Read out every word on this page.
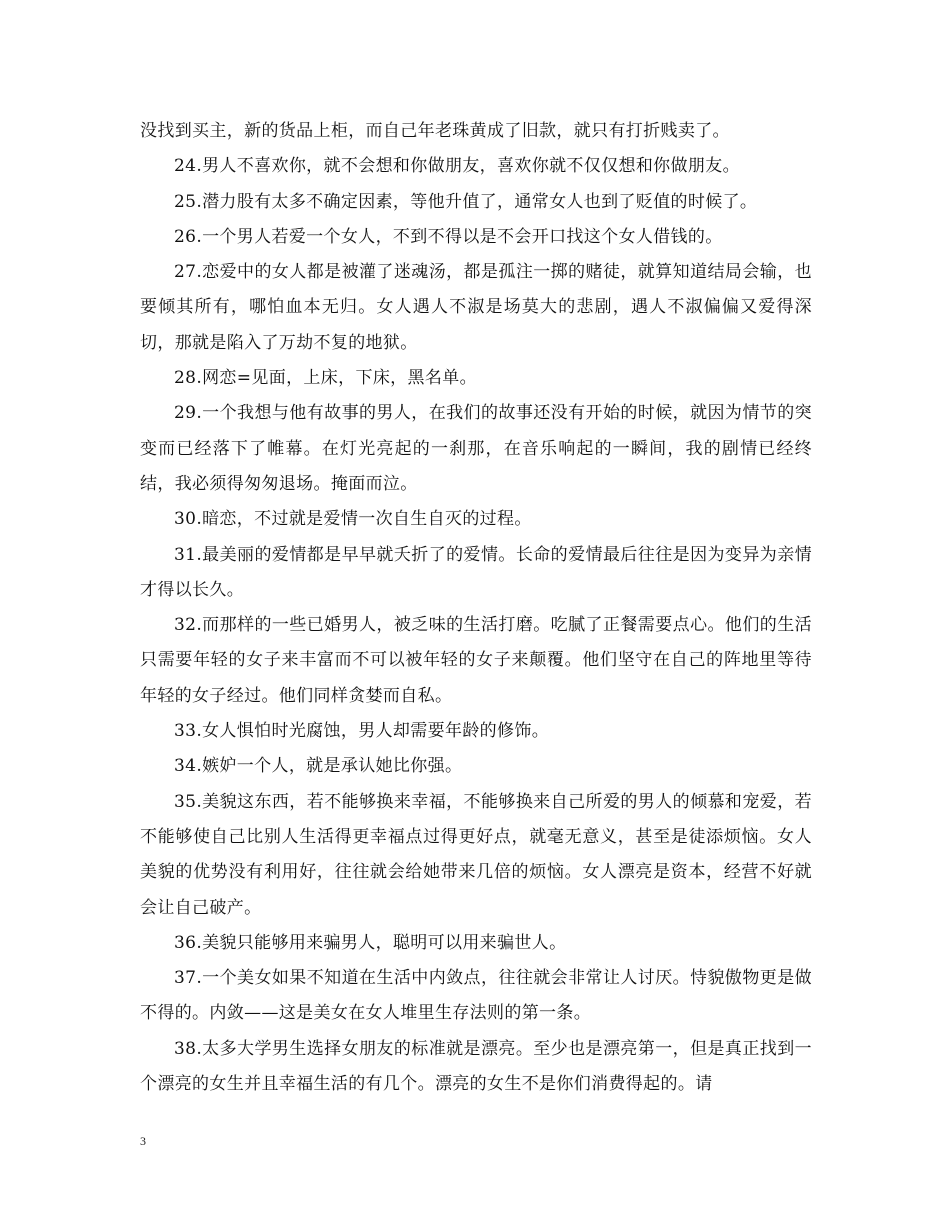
没找到买主，新的货品上柜，而自己年老珠黄成了旧款，就只有打折贱卖了。

24.男人不喜欢你，就不会想和你做朋友，喜欢你就不仅仅想和你做朋友。

25.潜力股有太多不确定因素，等他升值了，通常女人也到了贬值的时候了。

26.一个男人若爱一个女人，不到不得以是不会开口找这个女人借钱的。

27.恋爱中的女人都是被灌了迷魂汤，都是孤注一掷的赌徒，就算知道结局会输，也要倾其所有，哪怕血本无归。女人遇人不淑是场莫大的悲剧，遇人不淑偏偏又爱得深切，那就是陷入了万劫不复的地狱。

28.网恋=见面，上床，下床，黑名单。

29.一个我想与他有故事的男人，在我们的故事还没有开始的时候，就因为情节的突变而已经落下了帷幕。在灯光亮起的一刹那，在音乐响起的一瞬间，我的剧情已经终结，我必须得匆匆退场。掩面而泣。

30.暗恋，不过就是爱情一次自生自灭的过程。

31.最美丽的爱情都是早早就夭折了的爱情。长命的爱情最后往往是因为变异为亲情才得以长久。

32.而那样的一些已婚男人，被乏味的生活打磨。吃腻了正餐需要点心。他们的生活只需要年轻的女子来丰富而不可以被年轻的女子来颠覆。他们坚守在自己的阵地里等待年轻的女子经过。他们同样贪婪而自私。

33.女人惧怕时光腐蚀，男人却需要年龄的修饰。

34.嫉妒一个人，就是承认她比你强。

35.美貌这东西，若不能够换来幸福，不能够换来自己所爱的男人的倾慕和宠爱，若不能够使自己比别人生活得更幸福点过得更好点，就毫无意义，甚至是徒添烦恼。女人美貌的优势没有利用好，往往就会给她带来几倍的烦恼。女人漂亮是资本，经营不好就会让自己破产。

36.美貌只能够用来骗男人，聪明可以用来骗世人。

37.一个美女如果不知道在生活中内敛点，往往就会非常让人讨厌。恃貌傲物更是做不得的。内敛——这是美女在女人堆里生存法则的第一条。

38.太多大学男生选择女朋友的标准就是漂亮。至少也是漂亮第一，但是真正找到一个漂亮的女生并且幸福生活的有几个。漂亮的女生不是你们消费得起的。请

3
